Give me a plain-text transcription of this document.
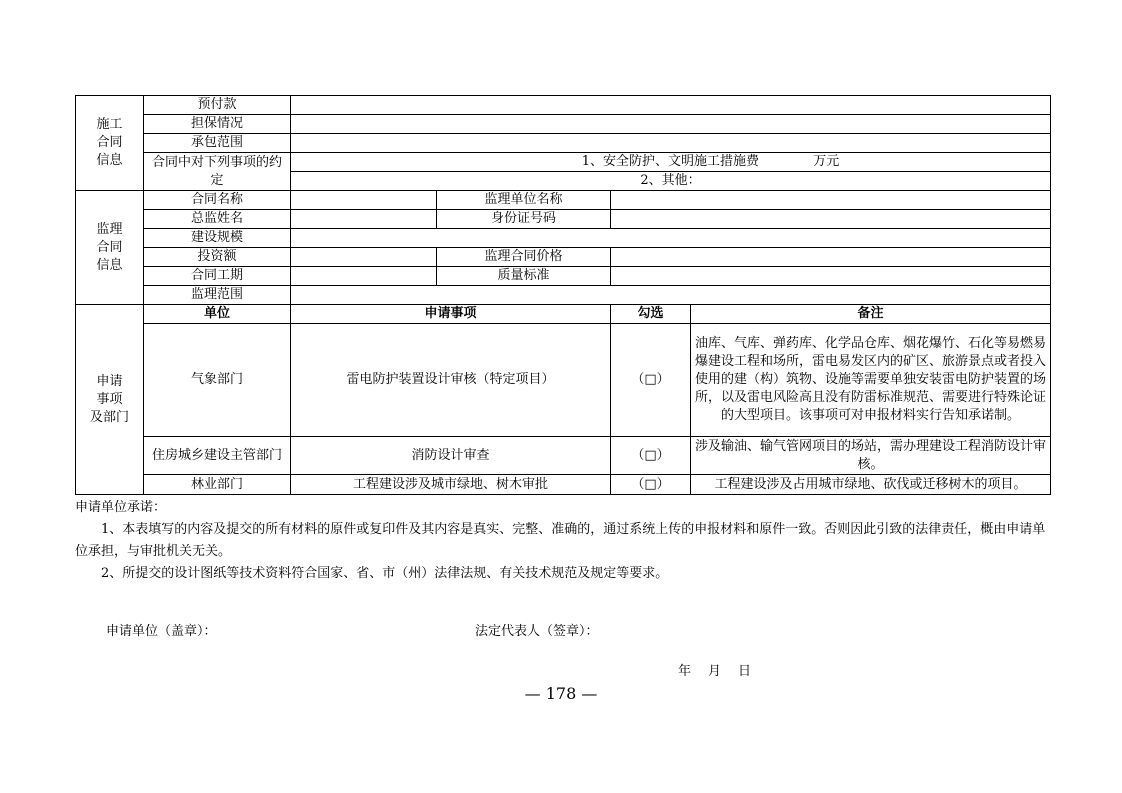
施工
合同
信息	预付款				
	担保情况				
	承包范围				
	合同中对下列事项的约定	1、安全防护、文明施工措施费 万元			
		2、其他：			
监理
合同
信息	合同名称		监理单位名称		
	总监姓名		身份证号码		
	建设规模				
	投资额		监理合同价格		
	合同工期		质量标准		
	监理范围				
申请
事项
及部门	单位	申请事项		勾选	备注
	气象部门	雷电防护装置设计审核（特定项目）		（□）	油库、气库、弹药库、化学品仓库、烟花爆竹、石化等易燃易爆建设工程和场所，雷电易发区内的矿区、旅游景点或者投入使用的建（构）筑物、设施等需要单独安装雷电防护装置的场所，以及雷电风险高且没有防雷标准规范、需要进行特殊论证的大型项目。该事项可对申报材料实行告知承诺制。
	住房城乡建设主管部门	消防设计审查		（□）	涉及输油、输气管网项目的场站，需办理建设工程消防设计审核。
	林业部门	工程建设涉及城市绿地、树木审批		（□）	工程建设涉及占用城市绿地、砍伐或迁移树木的项目。
申请单位承诺：
1、本表填写的内容及提交的所有材料的原件或复印件及其内容是真实、完整、准确的，通过系统上传的申报材料和原件一致。否则因此引致的法律责任，概由申请单位承担，与审批机关无关。
2、所提交的设计图纸等技术资料符合国家、省、市（州）法律法规、有关技术规范及规定等要求。
申请单位（盖章）：	法定代表人（签章）：
年　月　日
— 178 —
